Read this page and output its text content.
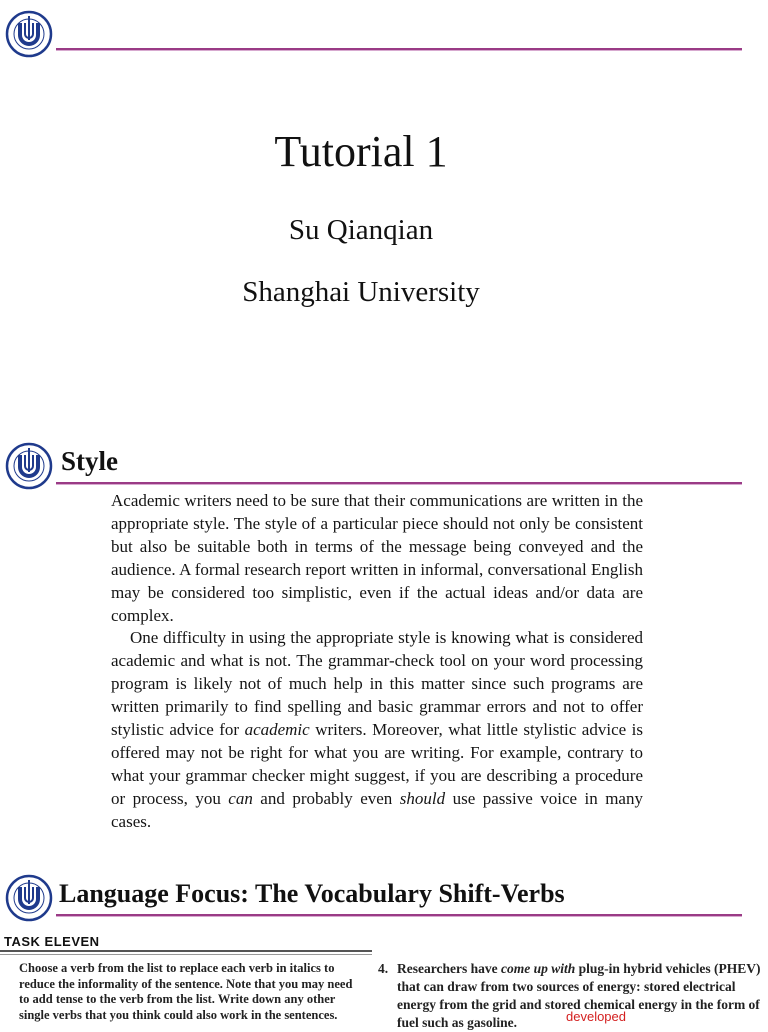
Tutorial 1
Su Qianqian
Shanghai University
Style

Academic writers need to be sure that their communications are written in the appropriate style. The style of a particular piece should not only be consistent but also be suitable both in terms of the message being conveyed and the audience. A formal research report written in informal, conversational English may be considered too simplistic, even if the actual ideas and/or data are complex.

One difficulty in using the appropriate style is knowing what is considered academic and what is not. The grammar-check tool on your word processing program is likely not of much help in this matter since such programs are written primarily to find spelling and basic grammar errors and not to offer stylistic advice for academic writers. Moreover, what little stylistic advice is offered may not be right for what you are writing. For example, contrary to what your grammar checker might suggest, if you are describing a procedure or process, you can and probably even should use passive voice in many cases.

Language Focus: The Vocabulary Shift-Verbs
TASK ELEVEN
Choose a verb from the list to replace each verb in italics to reduce the informality of the sentence. Note that you may need to add tense to the verb from the list. Write down any other single verbs that you think could also work in the sentences.
4. Researchers have come up with plug-in hybrid vehicles (PHEV) that can draw from two sources of energy: stored electrical energy from the grid and stored chemical energy in the form of fuel such as gasoline.	developed
